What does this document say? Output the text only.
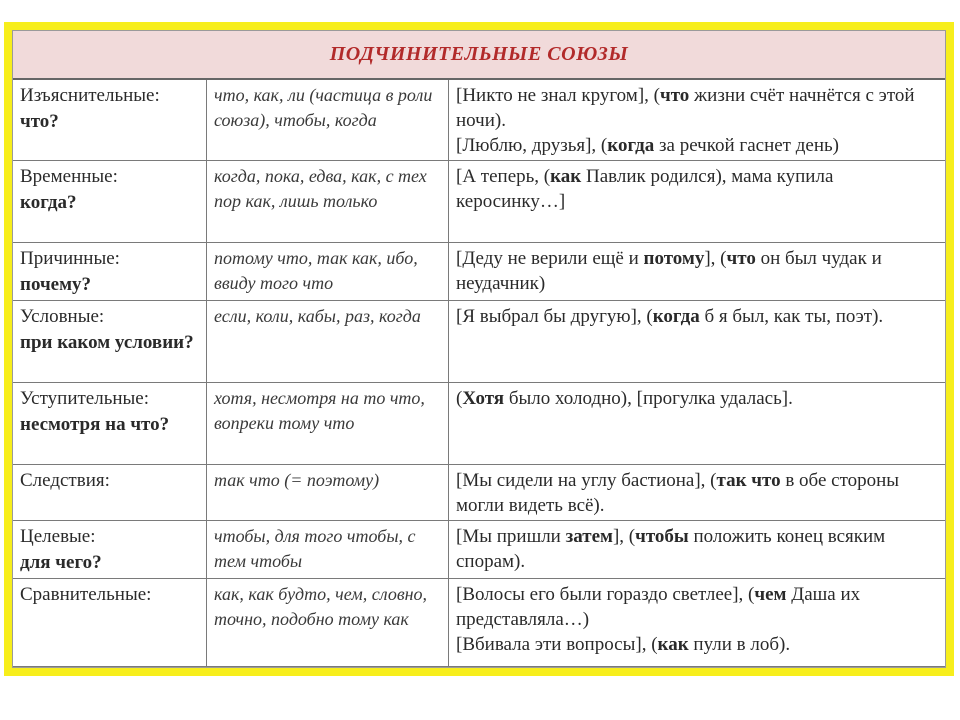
ПОДЧИНИТЕЛЬНЫЕ СОЮЗЫ
Изъяснительные:
что?	что, как, ли (частица в роли союза), чтобы, когда	[Никто не знал кругом], (что жизни счёт начнётся с этой ночи).
[Люблю, друзья], (когда за речкой гаснет день)

Временные:
когда?	когда, пока, едва, как, с тех пор как, лишь только	[А теперь, (как Павлик родился), мама купила керосинку…]

Причинные:
почему?	потому что, так как, ибо, ввиду того что	[Деду не верили ещё и потому], (что он был чудак и неудачник)

Условные:
при каком условии?	если, коли, кабы, раз, когда	[Я выбрал бы другую], (когда б я был, как ты, поэт).

Уступительные:
несмотря на что?	хотя, несмотря на то что, вопреки тому что	(Хотя было холодно), [прогулка удалась].

Следствия:	так что (= поэтому)	[Мы сидели на углу бастиона], (так что в обе стороны могли видеть всё).

Целевые:
для чего?	чтобы, для того чтобы, с тем чтобы	[Мы пришли затем], (чтобы положить конец всяким спорам).

Сравнительные:	как, как будто, чем, словно, точно, подобно тому как	[Волосы его были гораздо светлее], (чем Даша их представляла…)
[Вбивала эти вопросы], (как пули в лоб).
